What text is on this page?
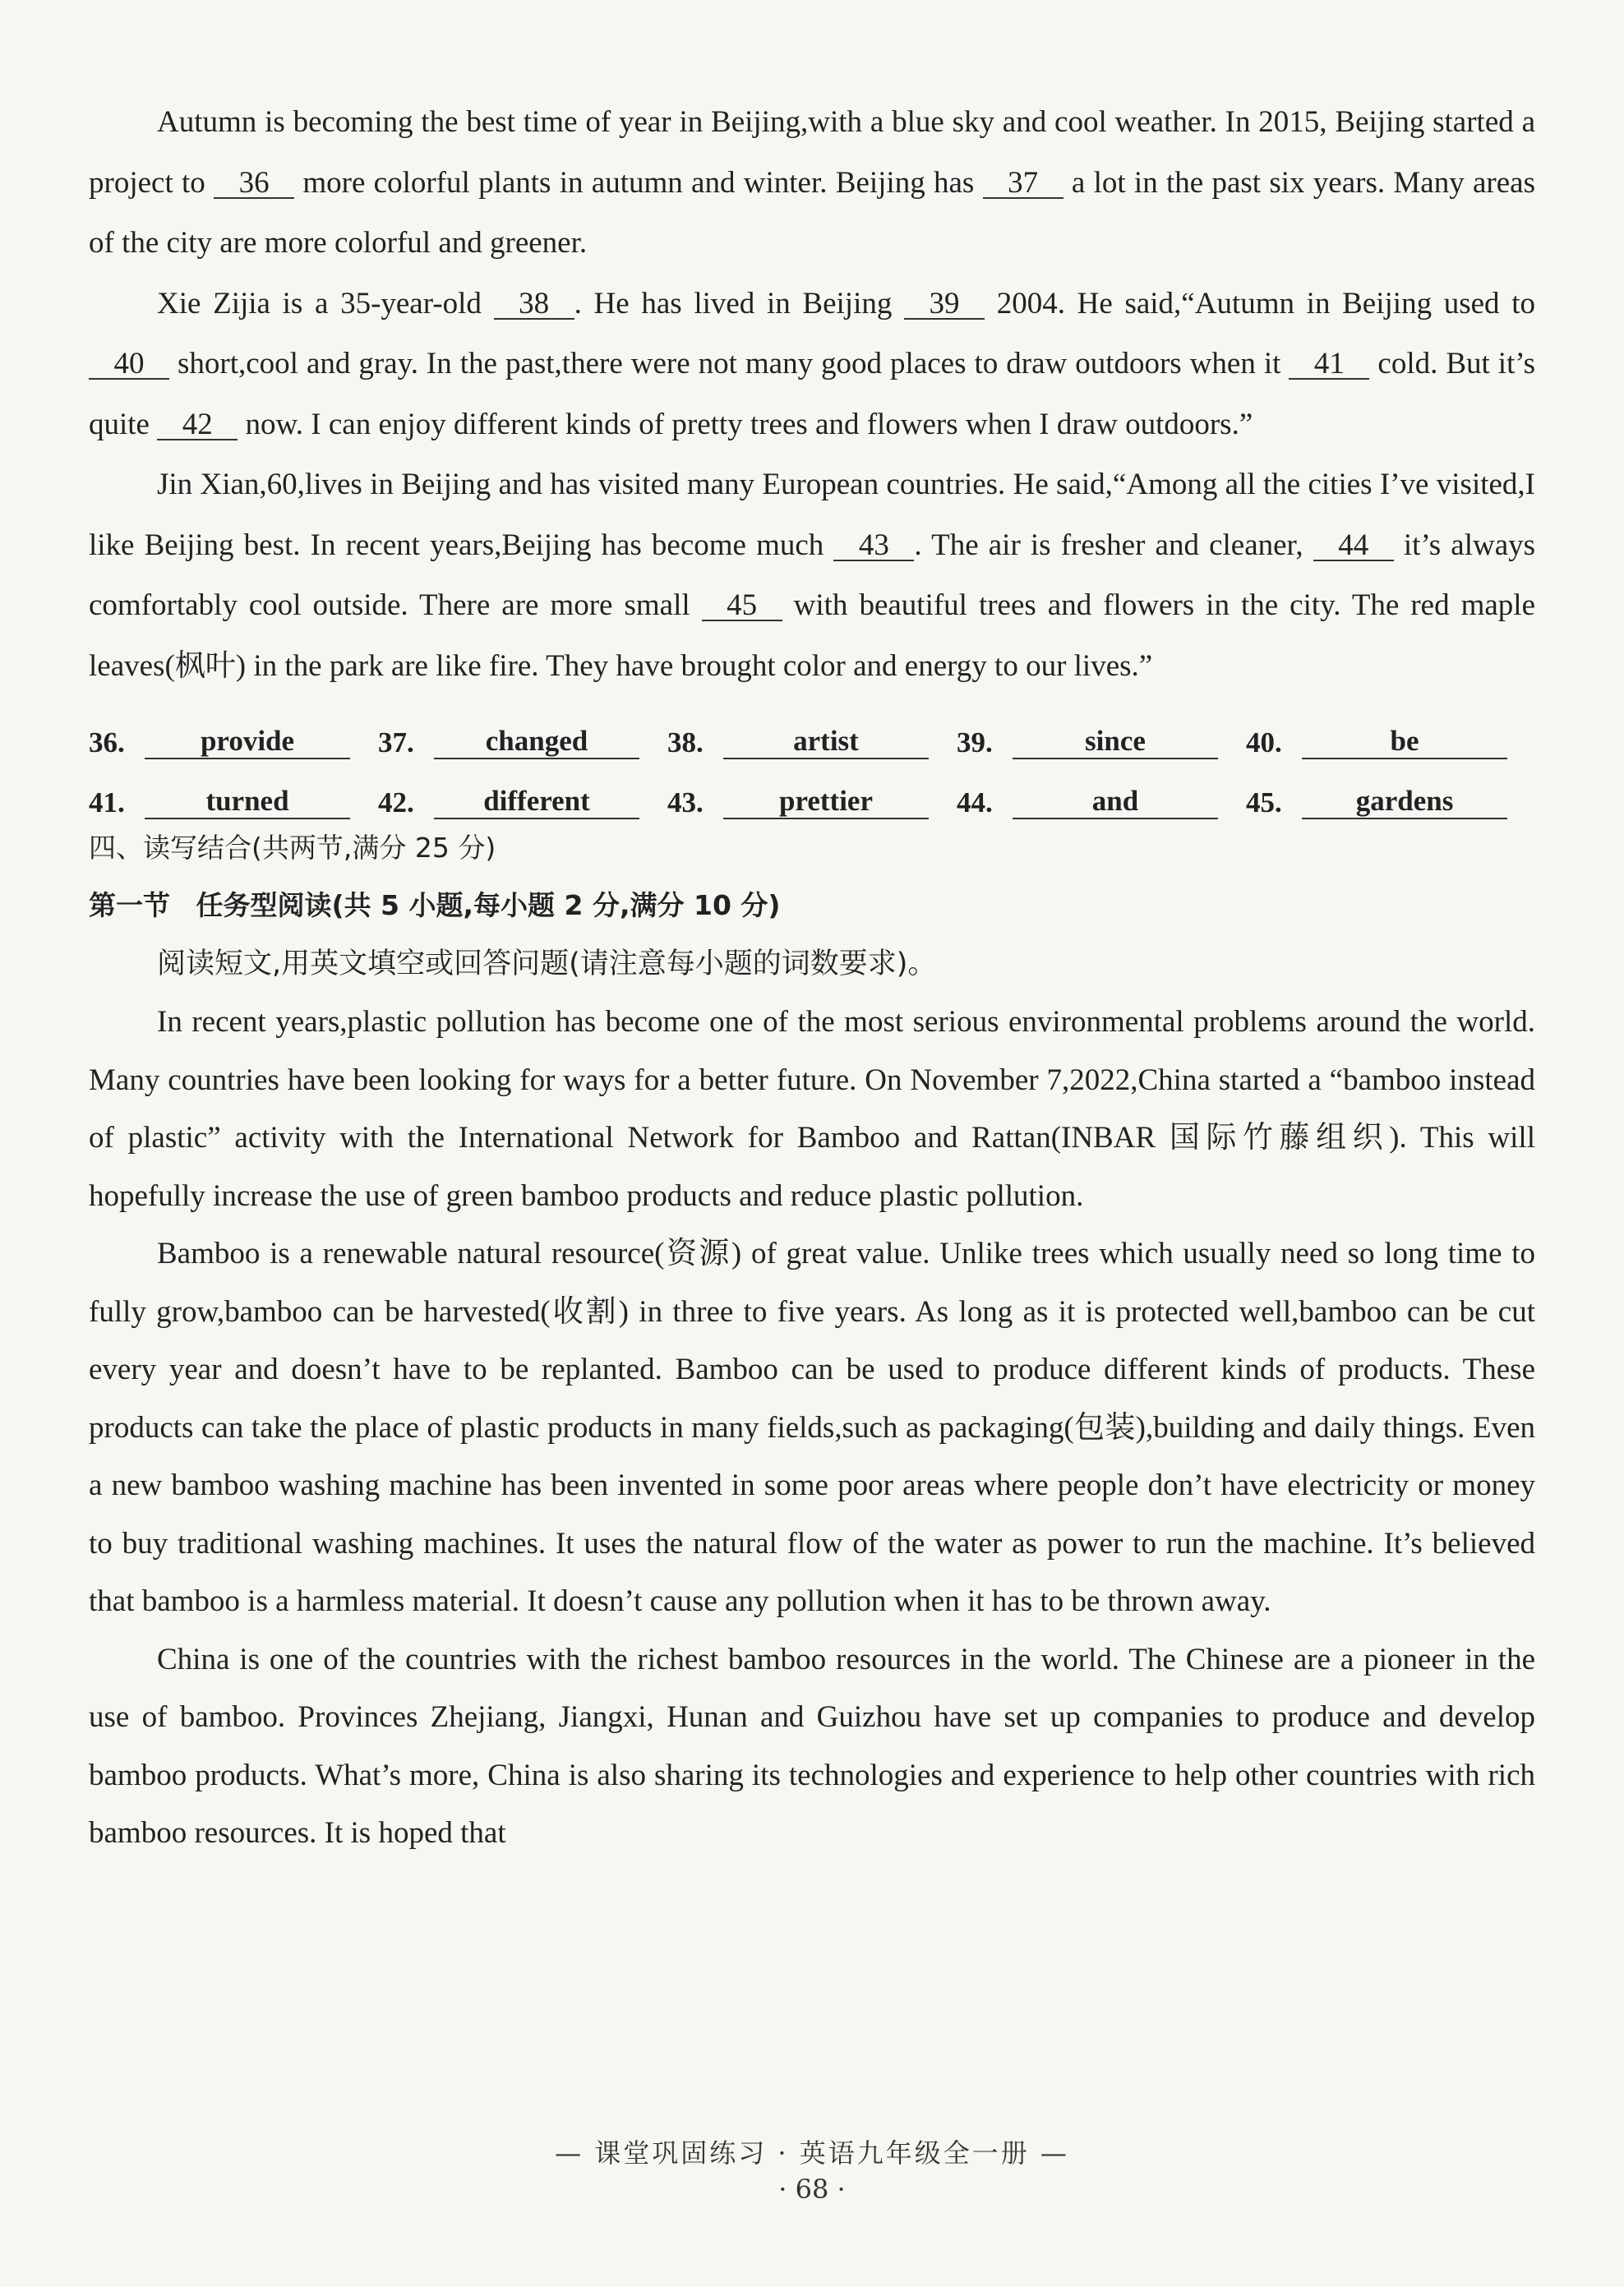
Autumn is becoming the best time of year in Beijing,with a blue sky and cool weather. In 2015, Beijing started a project to 36 more colorful plants in autumn and winter. Beijing has 37 a lot in the past six years. Many areas of the city are more colorful and greener.

Xie Zijia is a 35-year-old 38 . He has lived in Beijing 39 2004. He said,“Autumn in Beijing used to 40 short,cool and gray. In the past,there were not many good places to draw outdoors when it 41 cold. But it’s quite 42 now. I can enjoy different kinds of pretty trees and flowers when I draw outdoors.”

Jin Xian,60,lives in Beijing and has visited many European countries. He said,“Among all the cities I’ve visited,I like Beijing best. In recent years,Beijing has become much 43 . The air is fresher and cleaner, 44 it’s always comfortably cool outside. There are more small 45 with beautiful trees and flowers in the city. The red maple leaves(枫叶) in the park are like fire. They have brought color and energy to our lives.”

36.	provide	37.	changed	38.	artist	39.	since	40.	be
41.	turned	42.	different	43.	prettier	44.	and	45.	gardens

四、读写结合(共两节,满分 25 分)

第一节 任务型阅读(共 5 小题,每小题 2 分,满分 10 分)

阅读短文,用英文填空或回答问题(请注意每小题的词数要求)。

In recent years,plastic pollution has become one of the most serious environmental problems around the world. Many countries have been looking for ways for a better future. On November 7,2022,China started a “bamboo instead of plastic” activity with the International Network for Bamboo and Rattan(INBAR 国际竹藤组织). This will hopefully increase the use of green bamboo products and reduce plastic pollution.

Bamboo is a renewable natural resource(资源) of great value. Unlike trees which usually need so long time to fully grow,bamboo can be harvested(收割) in three to five years. As long as it is protected well,bamboo can be cut every year and doesn’t have to be replanted. Bamboo can be used to produce different kinds of products. These products can take the place of plastic products in many fields,such as packaging(包装),building and daily things. Even a new bamboo washing machine has been invented in some poor areas where people don’t have electricity or money to buy traditional washing machines. It uses the natural flow of the water as power to run the machine. It’s believed that bamboo is a harmless material. It doesn’t cause any pollution when it has to be thrown away.

China is one of the countries with the richest bamboo resources in the world. The Chinese are a pioneer in the use of bamboo. Provinces Zhejiang, Jiangxi, Hunan and Guizhou have set up companies to produce and develop bamboo products. What’s more, China is also sharing its technologies and experience to help other countries with rich bamboo resources. It is hoped that

— 课堂巩固练习 · 英语九年级全一册 —
· 68 ·
